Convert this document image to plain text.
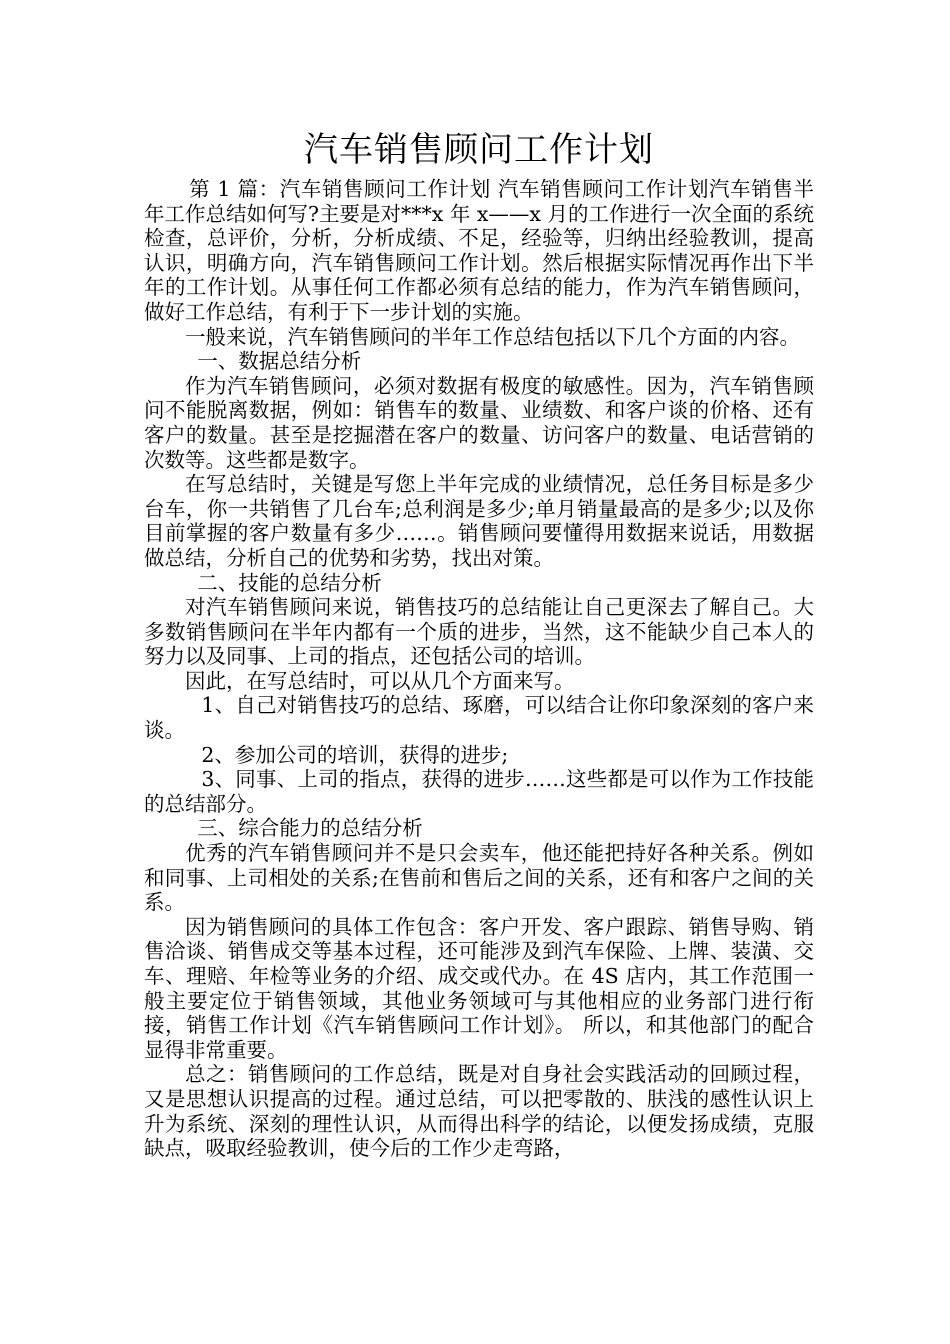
汽车销售顾问工作计划

第 1 篇：汽车销售顾问工作计划 汽车销售顾问工作计划汽车销售半年工作总结如何写?主要是对***x 年 x——x 月的工作进行一次全面的系统检查，总评价，分析，分析成绩、不足，经验等，归纳出经验教训，提高认识，明确方向，汽车销售顾问工作计划。然后根据实际情况再作出下半年的工作计划。从事任何工作都必须有总结的能力，作为汽车销售顾问，做好工作总结，有利于下一步计划的实施。

一般来说，汽车销售顾问的半年工作总结包括以下几个方面的内容。

一、数据总结分析

作为汽车销售顾问，必须对数据有极度的敏感性。因为，汽车销售顾问不能脱离数据，例如：销售车的数量、业绩数、和客户谈的价格、还有客户的数量。甚至是挖掘潜在客户的数量、访问客户的数量、电话营销的次数等。这些都是数字。

在写总结时，关键是写您上半年完成的业绩情况，总任务目标是多少台车，你一共销售了几台车;总利润是多少;单月销量最高的是多少;以及你目前掌握的客户数量有多少……。销售顾问要懂得用数据来说话，用数据做总结，分析自己的优势和劣势，找出对策。

二、技能的总结分析

对汽车销售顾问来说，销售技巧的总结能让自己更深去了解自己。大多数销售顾问在半年内都有一个质的进步，当然，这不能缺少自己本人的努力以及同事、上司的指点，还包括公司的培训。

因此，在写总结时，可以从几个方面来写。

1、自己对销售技巧的总结、琢磨，可以结合让你印象深刻的客户来谈。

2、参加公司的培训，获得的进步;

3、同事、上司的指点，获得的进步……这些都是可以作为工作技能的总结部分。

三、综合能力的总结分析

优秀的汽车销售顾问并不是只会卖车，他还能把持好各种关系。例如和同事、上司相处的关系;在售前和售后之间的关系，还有和客户之间的关系。

因为销售顾问的具体工作包含：客户开发、客户跟踪、销售导购、销售洽谈、销售成交等基本过程，还可能涉及到汽车保险、上牌、装潢、交车、理赔、年检等业务的介绍、成交或代办。在 4S 店内，其工作范围一般主要定位于销售领域，其他业务领域可与其他相应的业务部门进行衔接，销售工作计划《汽车销售顾问工作计划》。 所以，和其他部门的配合显得非常重要。

总之：销售顾问的工作总结，既是对自身社会实践活动的回顾过程，又是思想认识提高的过程。通过总结，可以把零散的、肤浅的感性认识上升为系统、深刻的理性认识，从而得出科学的结论，以便发扬成绩，克服缺点，吸取经验教训，使今后的工作少走弯路，
